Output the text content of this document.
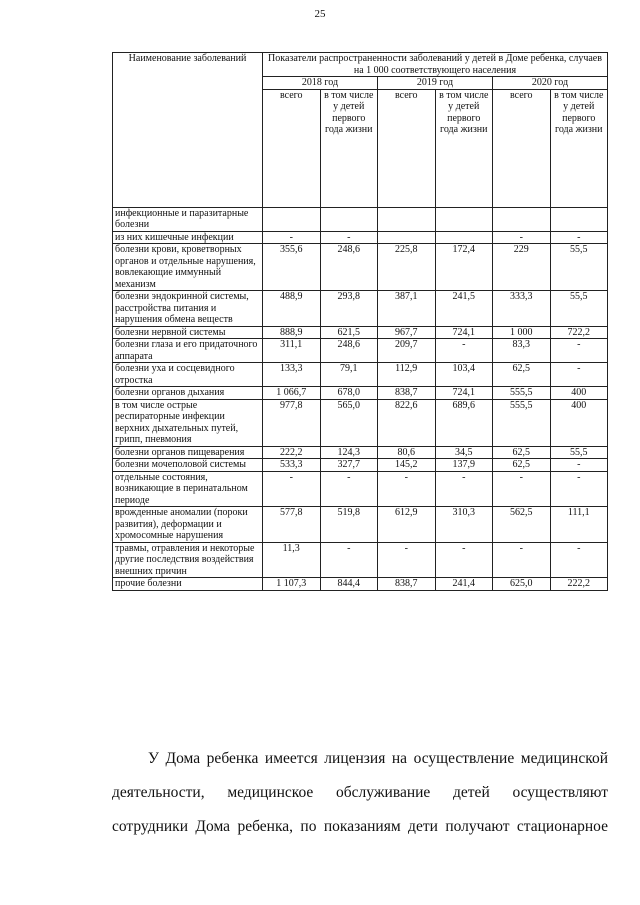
25
Наименование заболеваний	Показатели распространенности заболеваний у детей в Доме ребенка, случаев на 1 000 соответствующего населения					
	2018 год		2019 год		2020 год	
	всего	в том числе у детей первого года жизни	всего	в том числе у детей первого года жизни	всего	в том числе у детей первого года жизни
инфекционные и паразитарные болезни						
из них кишечные инфекции	-	-			-	-
болезни крови, кроветворных органов и отдельные нарушения, вовлекающие иммунный механизм	355,6	248,6	225,8	172,4	229	55,5
болезни эндокринной системы, расстройства питания и нарушения обмена веществ	488,9	293,8	387,1	241,5	333,3	55,5
болезни нервной системы	888,9	621,5	967,7	724,1	1 000	722,2
болезни глаза и его придаточного аппарата	311,1	248,6	209,7	-	83,3	-
болезни уха и сосцевидного отростка	133,3	79,1	112,9	103,4	62,5	-
болезни органов дыхания	1 066,7	678,0	838,7	724,1	555,5	400
в том числе острые респираторные инфекции верхних дыхательных путей, грипп, пневмония	977,8	565,0	822,6	689,6	555,5	400
болезни органов пищеварения	222,2	124,3	80,6	34,5	62,5	55,5
болезни мочеполовой системы	533,3	327,7	145,2	137,9	62,5	-
отдельные состояния, возникающие в перинатальном периоде	-	-	-	-	-	-
врожденные аномалии (пороки развития), деформации и хромосомные нарушения	577,8	519,8	612,9	310,3	562,5	111,1
травмы, отравления и некоторые другие последствия воздействия внешних причин	11,3	-	-	-	-	-
прочие болезни	1 107,3	844,4	838,7	241,4	625,0	222,2
У Дома ребенка имеется лицензия на осуществление медицинской
деятельности, медицинское обслуживание детей осуществляют
сотрудники Дома ребенка, по показаниям дети получают стационарное
